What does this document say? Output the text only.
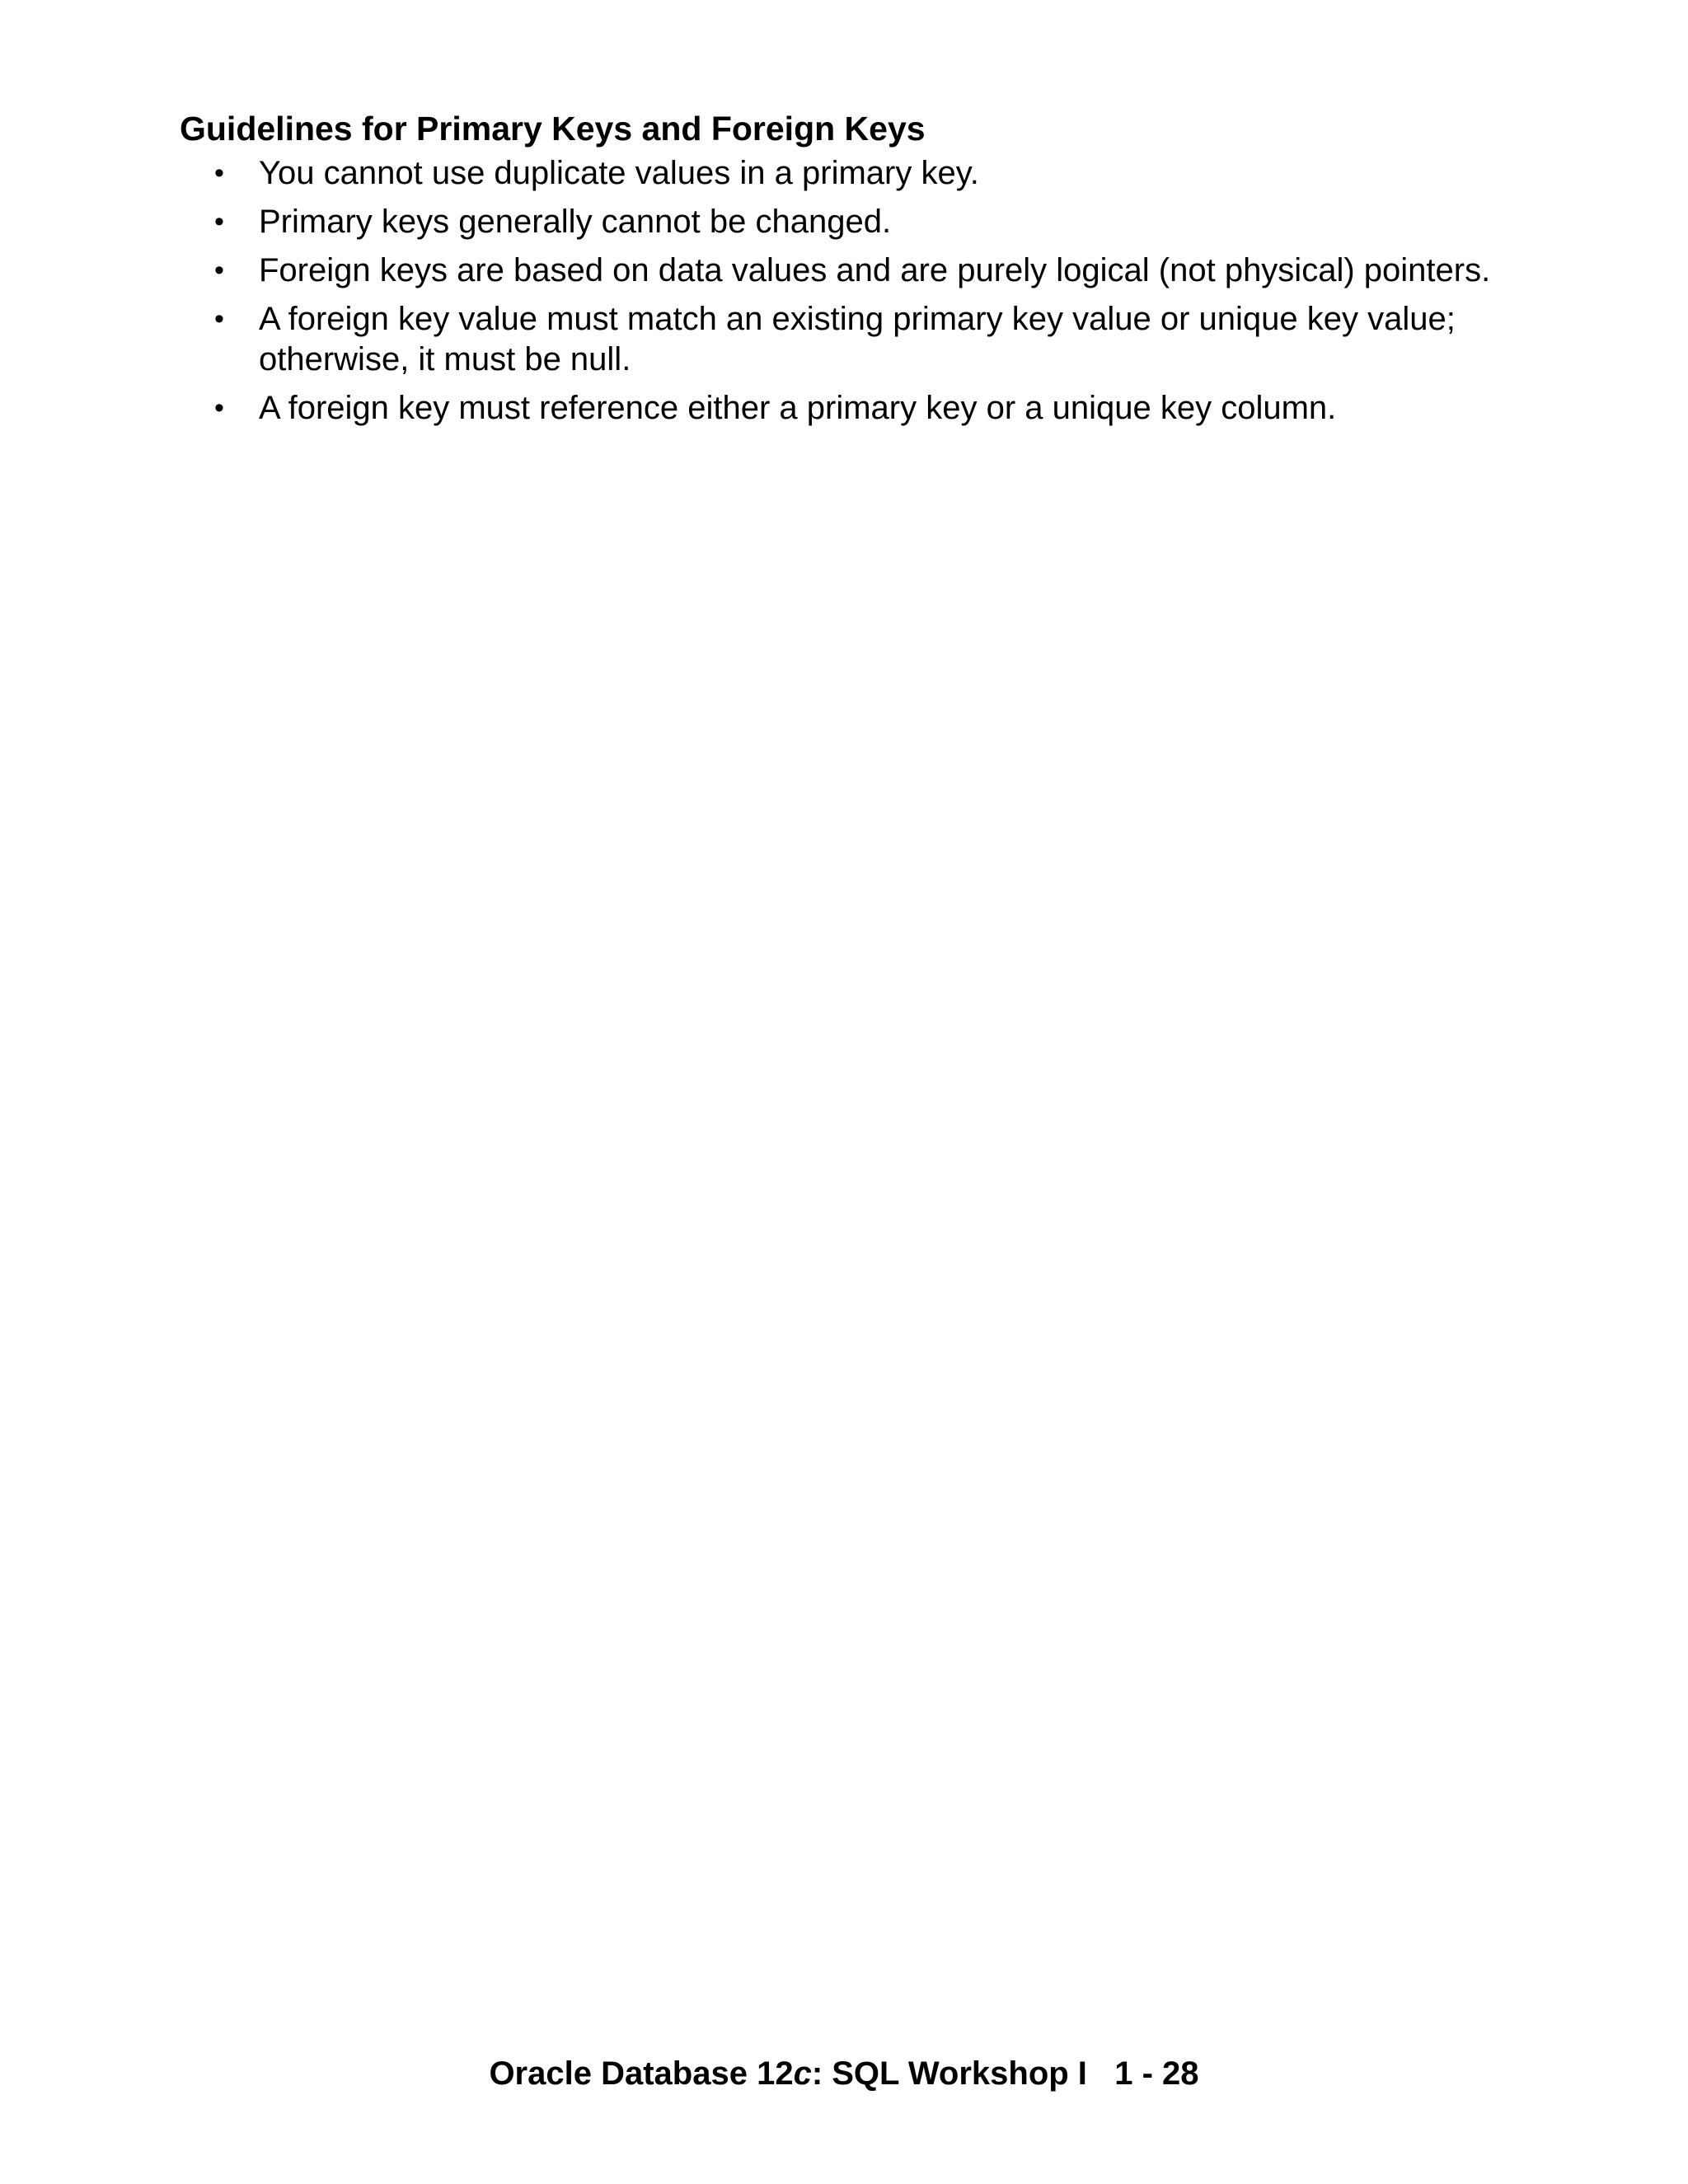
Guidelines for Primary Keys and Foreign Keys
• You cannot use duplicate values in a primary key.
• Primary keys generally cannot be changed.
• Foreign keys are based on data values and are purely logical (not physical) pointers.
• A foreign key value must match an existing primary key value or unique key value; otherwise, it must be null.
• A foreign key must reference either a primary key or a unique key column.
Oracle Database 12c: SQL Workshop I 1 - 28
